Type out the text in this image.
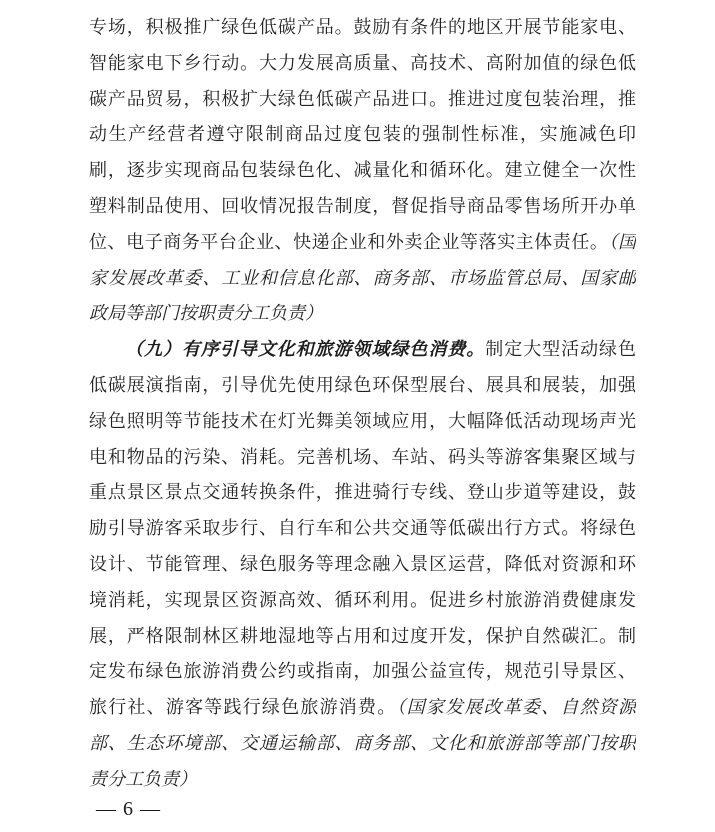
专场，积极推广绿色低碳产品。鼓励有条件的地区开展节能家电、
智能家电下乡行动。大力发展高质量、高技术、高附加值的绿色低
碳产品贸易，积极扩大绿色低碳产品进口。推进过度包装治理，推
动生产经营者遵守限制商品过度包装的强制性标准，实施减色印
刷，逐步实现商品包装绿色化、减量化和循环化。建立健全一次性
塑料制品使用、回收情况报告制度，督促指导商品零售场所开办单
位、电子商务平台企业、快递企业和外卖企业等落实主体责任。（国
家发展改革委、工业和信息化部、商务部、市场监管总局、国家邮
政局等部门按职责分工负责）
（九）有序引导文化和旅游领域绿色消费。制定大型活动绿色
低碳展演指南，引导优先使用绿色环保型展台、展具和展装，加强
绿色照明等节能技术在灯光舞美领域应用，大幅降低活动现场声光
电和物品的污染、消耗。完善机场、车站、码头等游客集聚区域与
重点景区景点交通转换条件，推进骑行专线、登山步道等建设，鼓
励引导游客采取步行、自行车和公共交通等低碳出行方式。将绿色
设计、节能管理、绿色服务等理念融入景区运营，降低对资源和环
境消耗，实现景区资源高效、循环利用。促进乡村旅游消费健康发
展，严格限制林区耕地湿地等占用和过度开发，保护自然碳汇。制
定发布绿色旅游消费公约或指南，加强公益宣传，规范引导景区、
旅行社、游客等践行绿色旅游消费。（国家发展改革委、自然资源
部、生态环境部、交通运输部、商务部、文化和旅游部等部门按职
责分工负责）
— 6 —
